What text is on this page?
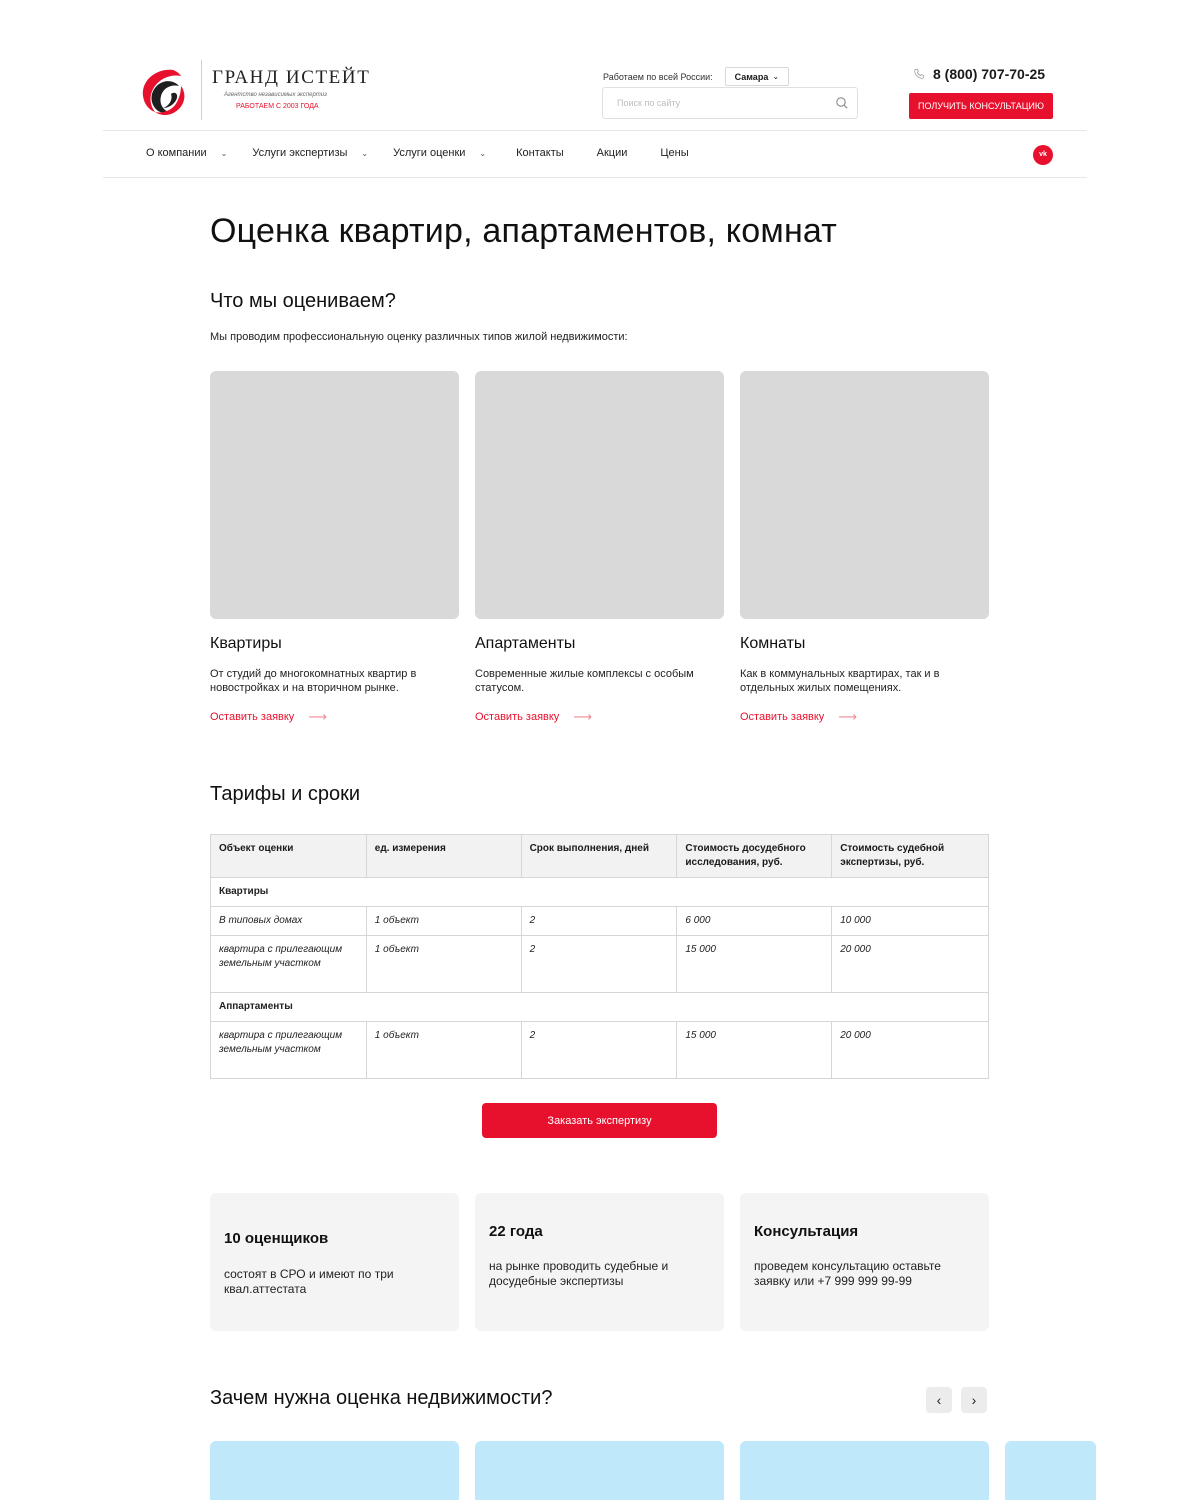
ГРАНД ИСТЕЙТ
Агентство независимых экспертиз
РАБОТАЕМ С 2003 ГОДА
Работаем по всей России: Самара ⌄
Поиск по сайту	8 (800) 707-70-25
ПОЛУЧИТЬ КОНСУЛЬТАЦИЮ
О компании ⌄ Услуги экспертизы ⌄ Услуги оценки ⌄	Контакты	Акции	Цены	vk
Оценка квартир, апартаментов, комнат
Что мы оцениваем?

Мы проводим профессиональную оценку различных типов жилой недвижимости:

Квартиры
От студий до многокомнатных квартир в новостройках и на вторичном рынке.
Оставить заявку ⟶
Апартаменты
Современные жилые комплексы с особым статусом.
Оставить заявку ⟶
Комнаты
Как в коммунальных квартирах, так и в отдельных жилых помещениях.
Оставить заявку ⟶
Тарифы и сроки
Объект оценки	ед. измерения	Срок выполнения, дней	Стоимость досудебного исследования, руб.	Стоимость судебной экспертизы, руб.
Квартиры				
В типовых домах	1 объект	2	6 000	10 000
квартира с прилегающим земельным участком	1 объект	2	15 000	20 000
Аппартаменты				
квартира с прилегающим земельным участком	1 объект	2	15 000	20 000
Заказать экспертизу
10 оценщиков
состоят в СРО и имеют по три квал.аттестата
22 года
на рынке проводить судебные и досудебные экспертизы
Консультация
проведем консультацию оставьте заявку или +7 999 999 99-99
Зачем нужна оценка недвижимости?	‹ ›
